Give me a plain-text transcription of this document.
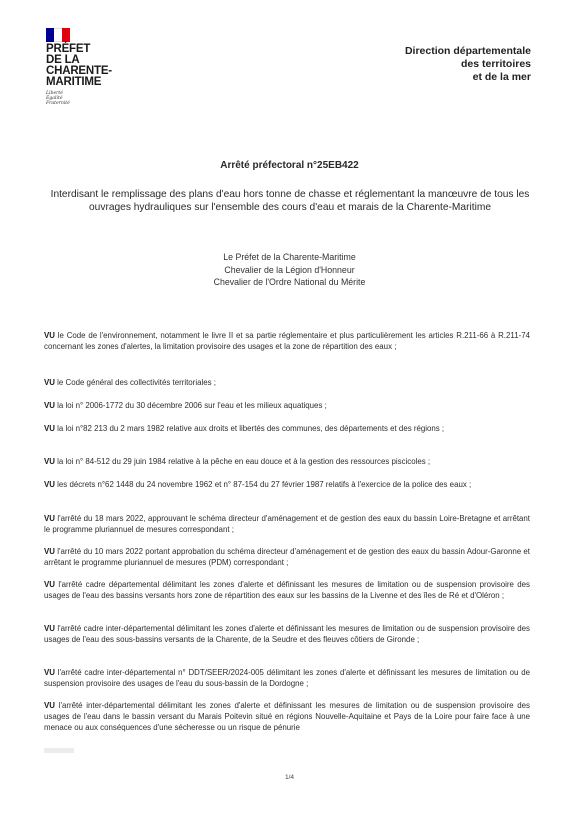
PRÉFET
DE LA
CHARENTE-
MARITIME
Liberté
Égalité
Fraternité
Direction départementale
des territoires
et de la mer
Arrêté préfectoral n°25EB422
Interdisant le remplissage des plans d'eau hors tonne de chasse et réglementant la manœuvre de tous les ouvrages hydrauliques sur l'ensemble des cours d'eau et marais de la Charente-Maritime
Le Préfet de la Charente-Maritime
Chevalier de la Légion d'Honneur
Chevalier de l'Ordre National du Mérite

VU le Code de l'environnement, notamment le livre II et sa partie réglementaire et plus particulièrement les articles R.211-66 à R.211-74 concernant les zones d'alertes, la limitation provisoire des usages et la zone de répartition des eaux ;

VU le Code général des collectivités territoriales ;

VU la loi n° 2006-1772 du 30 décembre 2006 sur l'eau et les milieux aquatiques ;

VU la loi n°82 213 du 2 mars 1982 relative aux droits et libertés des communes, des départements et des régions ;

VU la loi n° 84-512 du 29 juin 1984 relative à la pêche en eau douce et à la gestion des ressources piscicoles ;

VU les décrets n°62 1448 du 24 novembre 1962 et n° 87-154 du 27 février 1987 relatifs à l'exercice de la police des eaux ;

VU l'arrêté du 18 mars 2022, approuvant le schéma directeur d'aménagement et de gestion des eaux du bassin Loire-Bretagne et arrêtant le programme pluriannuel de mesures correspondant ;

VU l'arrêté du 10 mars 2022 portant approbation du schéma directeur d'aménagement et de gestion des eaux du bassin Adour-Garonne et arrêtant le programme pluriannuel de mesures (PDM) correspondant ;

VU l'arrêté cadre départemental délimitant les zones d'alerte et définissant les mesures de limitation ou de suspension provisoire des usages de l'eau des bassins versants hors zone de répartition des eaux sur les bassins de la Livenne et des îles de Ré et d'Oléron ;

VU l'arrêté cadre inter-départemental délimitant les zones d'alerte et définissant les mesures de limitation ou de suspension provisoire des usages de l'eau des sous-bassins versants de la Charente, de la Seudre et des fleuves côtiers de Gironde ;

VU l'arrêté cadre inter-départemental n° DDT/SEER/2024-005 délimitant les zones d'alerte et définissant les mesures de limitation ou de suspension provisoire des usages de l'eau du sous-bassin de la Dordogne ;

VU l'arrêté inter-départemental délimitant les zones d'alerte et définissant les mesures de limitation ou de suspension provisoire des usages de l'eau dans le bassin versant du Marais Poitevin situé en régions Nouvelle-Aquitaine et Pays de la Loire pour faire face à une menace ou aux conséquences d'une sécheresse ou un risque de pénurie

1/4
